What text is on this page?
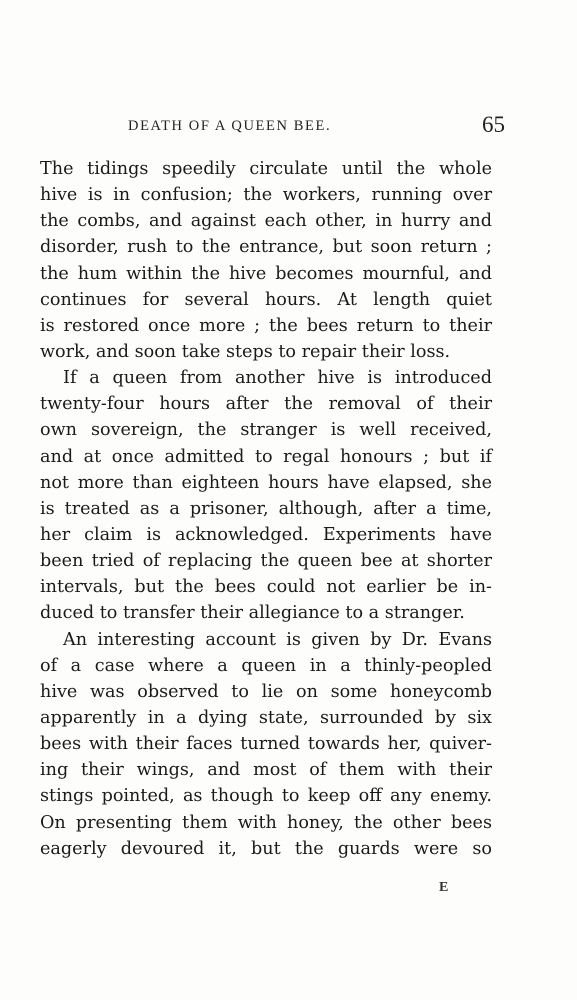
DEATH OF A QUEEN BEE.	65
The tidings speedily circulate until the whole
hive is in confusion; the workers, running over
the combs, and against each other, in hurry and
disorder, rush to the entrance, but soon return ;
the hum within the hive becomes mournful, and
continues for several hours. At length quiet
is restored once more ; the bees return to their
work, and soon take steps to repair their loss.
If a queen from another hive is introduced
twenty-four hours after the removal of their
own sovereign, the stranger is well received,
and at once admitted to regal honours ; but if
not more than eighteen hours have elapsed, she
is treated as a prisoner, although, after a time,
her claim is acknowledged. Experiments have
been tried of replacing the queen bee at shorter
intervals, but the bees could not earlier be in-
duced to transfer their allegiance to a stranger.
An interesting account is given by Dr. Evans
of a case where a queen in a thinly-peopled
hive was observed to lie on some honeycomb
apparently in a dying state, surrounded by six
bees with their faces turned towards her, quiver-
ing their wings, and most of them with their
stings pointed, as though to keep off any enemy.
On presenting them with honey, the other bees
eagerly devoured it, but the guards were so
E
